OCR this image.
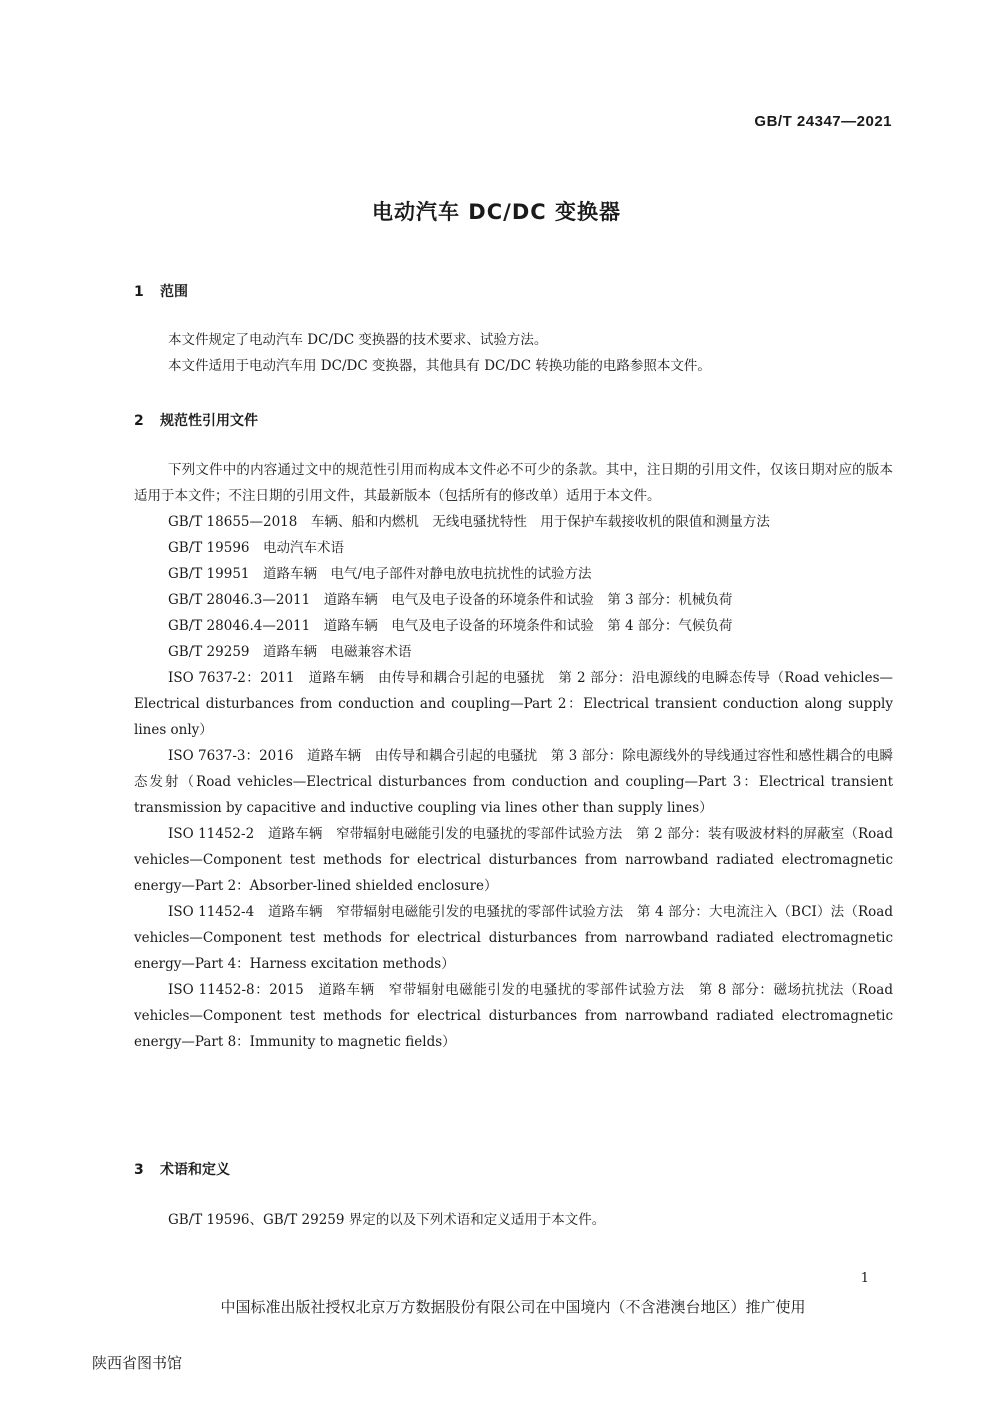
GB/T 24347—2021
电动汽车 DC/DC 变换器
1 范围
本文件规定了电动汽车 DC/DC 变换器的技术要求、试验方法。
本文件适用于电动汽车用 DC/DC 变换器，其他具有 DC/DC 转换功能的电路参照本文件。
2 规范性引用文件
下列文件中的内容通过文中的规范性引用而构成本文件必不可少的条款。其中，注日期的引用文件，仅该日期对应的版本适用于本文件；不注日期的引用文件，其最新版本（包括所有的修改单）适用于本文件。
GB/T 18655—2018　车辆、船和内燃机　无线电骚扰特性　用于保护车载接收机的限值和测量方法
GB/T 19596　电动汽车术语
GB/T 19951　道路车辆　电气/电子部件对静电放电抗扰性的试验方法
GB/T 28046.3—2011　道路车辆　电气及电子设备的环境条件和试验　第 3 部分：机械负荷
GB/T 28046.4—2011　道路车辆　电气及电子设备的环境条件和试验　第 4 部分：气候负荷
GB/T 29259　道路车辆　电磁兼容术语
ISO 7637-2：2011　道路车辆　由传导和耦合引起的电骚扰　第 2 部分：沿电源线的电瞬态传导（Road vehicles—Electrical disturbances from conduction and coupling—Part 2：Electrical transient conduction along supply lines only）
ISO 7637-3：2016　道路车辆　由传导和耦合引起的电骚扰　第 3 部分：除电源线外的导线通过容性和感性耦合的电瞬态发射（Road vehicles—Electrical disturbances from conduction and coupling—Part 3：Electrical transient transmission by capacitive and inductive coupling via lines other than supply lines）
ISO 11452-2　道路车辆　窄带辐射电磁能引发的电骚扰的零部件试验方法　第 2 部分：装有吸波材料的屏蔽室（Road vehicles—Component test methods for electrical disturbances from narrowband radiated electromagnetic energy—Part 2：Absorber-lined shielded enclosure）
ISO 11452-4　道路车辆　窄带辐射电磁能引发的电骚扰的零部件试验方法　第 4 部分：大电流注入（BCI）法（Road vehicles—Component test methods for electrical disturbances from narrowband radiated electromagnetic energy—Part 4：Harness excitation methods）
ISO 11452-8：2015　道路车辆　窄带辐射电磁能引发的电骚扰的零部件试验方法　第 8 部分：磁场抗扰法（Road vehicles—Component test methods for electrical disturbances from narrowband radiated electromagnetic energy—Part 8：Immunity to magnetic fields）
3 术语和定义
GB/T 19596、GB/T 29259 界定的以及下列术语和定义适用于本文件。
1
中国标准出版社授权北京万方数据股份有限公司在中国境内（不含港澳台地区）推广使用
陕西省图书馆
